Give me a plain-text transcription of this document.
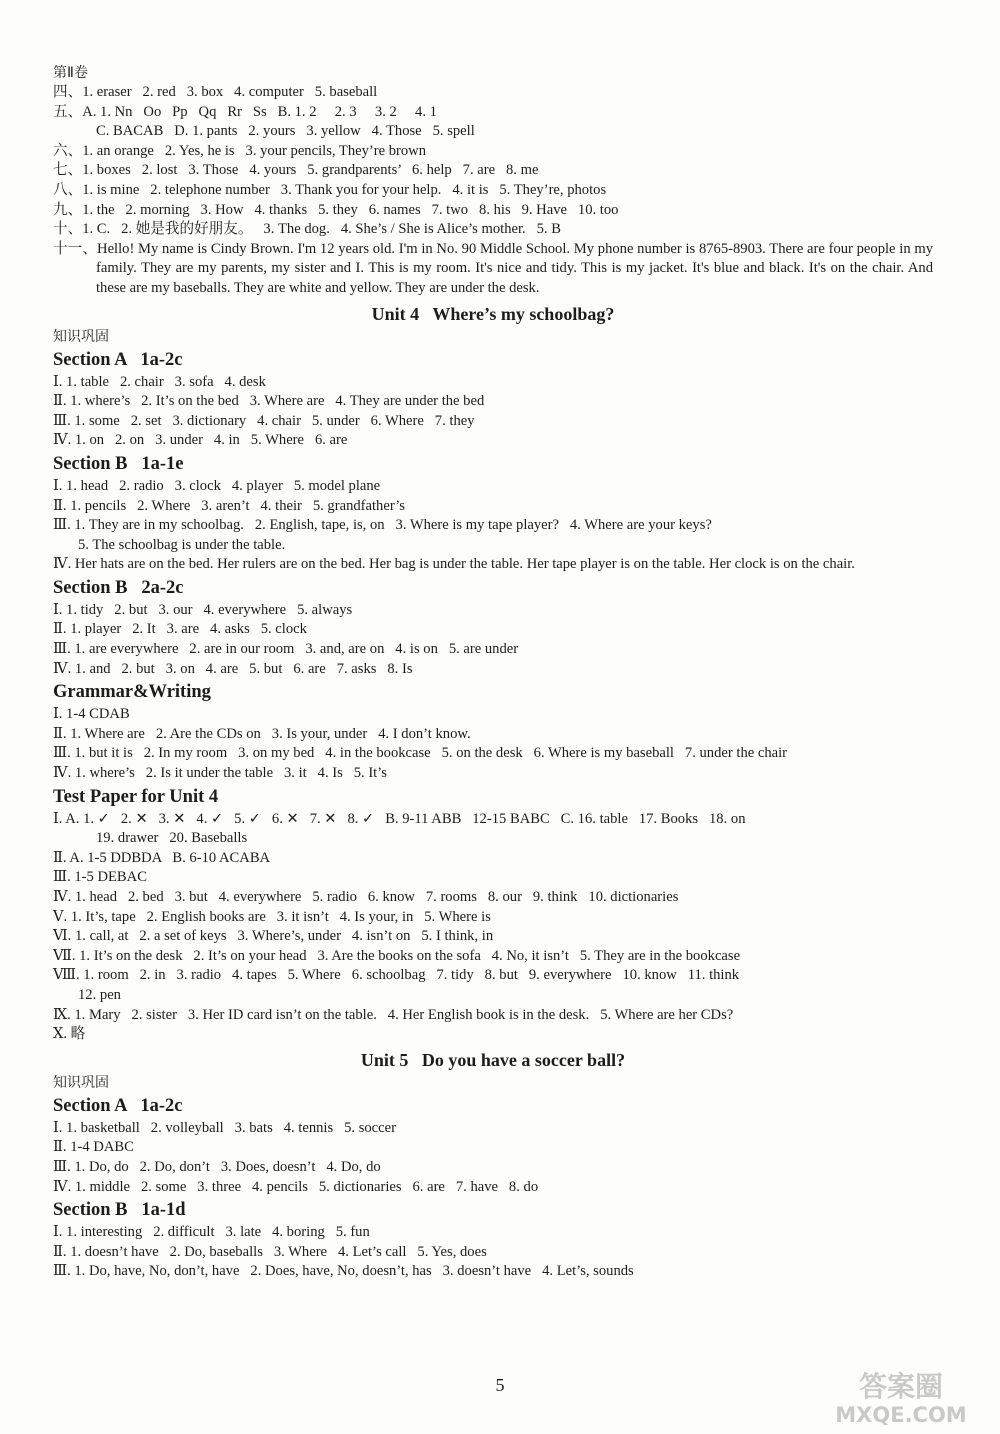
第Ⅱ卷
四、1. eraser   2. red   3. box   4. computer   5. baseball
五、A. 1. Nn   Oo   Pp   Qq   Rr   Ss   B. 1. 2     2. 3     3. 2     4. 1
C. BACAB   D. 1. pants   2. yours   3. yellow   4. Those   5. spell
六、1. an orange   2. Yes, he is   3. your pencils, They’re brown
七、1. boxes   2. lost   3. Those   4. yours   5. grandparents’   6. help   7. are   8. me
八、1. is mine   2. telephone number   3. Thank you for your help.   4. it is   5. They’re, photos
九、1. the   2. morning   3. How   4. thanks   5. they   6. names   7. two   8. his   9. Have   10. too
十、1. C.   2. 她是我的好朋友。   3. The dog.   4. She’s / She is Alice’s mother.   5. B
十一、Hello! My name is Cindy Brown. I'm 12 years old. I'm in No. 90 Middle School. My phone number is 8765-8903. There are four people in my family. They are my parents, my sister and I. This is my room. It's nice and tidy. This is my jacket. It's blue and black. It's on the chair. And these are my baseballs. They are white and yellow. They are under the desk.
Unit 4   Where’s my schoolbag?
知识巩固
Section A   1a-2c
Ⅰ. 1. table   2. chair   3. sofa   4. desk
Ⅱ. 1. where’s   2. It’s on the bed   3. Where are   4. They are under the bed
Ⅲ. 1. some   2. set   3. dictionary   4. chair   5. under   6. Where   7. they
Ⅳ. 1. on   2. on   3. under   4. in   5. Where   6. are
Section B   1a-1e
Ⅰ. 1. head   2. radio   3. clock   4. player   5. model plane
Ⅱ. 1. pencils   2. Where   3. aren’t   4. their   5. grandfather’s
Ⅲ. 1. They are in my schoolbag.   2. English, tape, is, on   3. Where is my tape player?   4. Where are your keys?
5. The schoolbag is under the table.
Ⅳ. Her hats are on the bed. Her rulers are on the bed. Her bag is under the table. Her tape player is on the table. Her clock is on the chair.
Section B   2a-2c
Ⅰ. 1. tidy   2. but   3. our   4. everywhere   5. always
Ⅱ. 1. player   2. It   3. are   4. asks   5. clock
Ⅲ. 1. are everywhere   2. are in our room   3. and, are on   4. is on   5. are under
Ⅳ. 1. and   2. but   3. on   4. are   5. but   6. are   7. asks   8. Is
Grammar&Writing
Ⅰ. 1-4 CDAB
Ⅱ. 1. Where are   2. Are the CDs on   3. Is your, under   4. I don’t know.
Ⅲ. 1. but it is   2. In my room   3. on my bed   4. in the bookcase   5. on the desk   6. Where is my baseball   7. under the chair
Ⅳ. 1. where’s   2. Is it under the table   3. it   4. Is   5. It’s
Test Paper for Unit 4
Ⅰ. A. 1. ✓   2. ✕   3. ✕   4. ✓   5. ✓   6. ✕   7. ✕   8. ✓   B. 9-11 ABB   12-15 BABC   C. 16. table   17. Books   18. on
19. drawer   20. Baseballs
Ⅱ. A. 1-5 DDBDA   B. 6-10 ACABA
Ⅲ. 1-5 DEBAC
Ⅳ. 1. head   2. bed   3. but   4. everywhere   5. radio   6. know   7. rooms   8. our   9. think   10. dictionaries
Ⅴ. 1. It’s, tape   2. English books are   3. it isn’t   4. Is your, in   5. Where is
Ⅵ. 1. call, at   2. a set of keys   3. Where’s, under   4. isn’t on   5. I think, in
Ⅶ. 1. It’s on the desk   2. It’s on your head   3. Are the books on the sofa   4. No, it isn’t   5. They are in the bookcase
Ⅷ. 1. room   2. in   3. radio   4. tapes   5. Where   6. schoolbag   7. tidy   8. but   9. everywhere   10. know   11. think
12. pen
Ⅸ. 1. Mary   2. sister   3. Her ID card isn’t on the table.   4. Her English book is in the desk.   5. Where are her CDs?
Ⅹ. 略
Unit 5   Do you have a soccer ball?
知识巩固
Section A   1a-2c
Ⅰ. 1. basketball   2. volleyball   3. bats   4. tennis   5. soccer
Ⅱ. 1-4 DABC
Ⅲ. 1. Do, do   2. Do, don’t   3. Does, doesn’t   4. Do, do
Ⅳ. 1. middle   2. some   3. three   4. pencils   5. dictionaries   6. are   7. have   8. do
Section B   1a-1d
Ⅰ. 1. interesting   2. difficult   3. late   4. boring   5. fun
Ⅱ. 1. doesn’t have   2. Do, baseballs   3. Where   4. Let’s call   5. Yes, does
Ⅲ. 1. Do, have, No, don’t, have   2. Does, have, No, doesn’t, has   3. doesn’t have   4. Let’s, sounds
5	答案圈
MXQE.COM
